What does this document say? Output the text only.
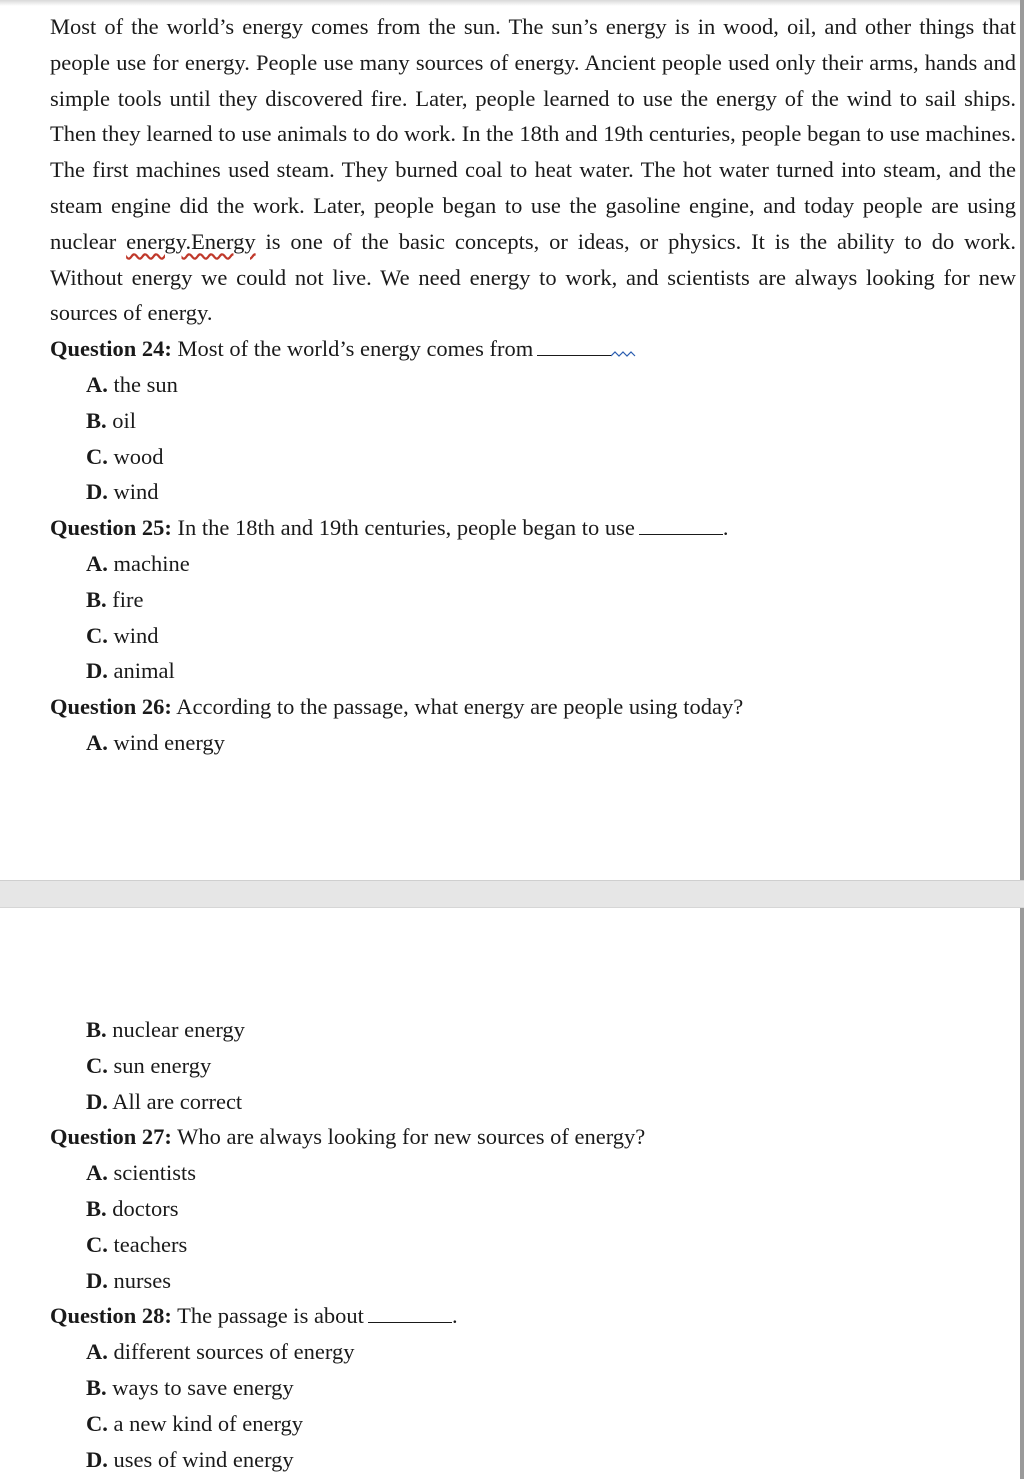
Most of the world’s energy comes from the sun. The sun’s energy is in wood, oil, and other things that people use for energy. People use many sources of energy. Ancient people used only their arms, hands and simple tools until they discovered fire. Later, people learned to use the energy of the wind to sail ships. Then they learned to use animals to do work. In the 18th and 19th centuries, people began to use machines. The first machines used steam. They burned coal to heat water. The hot water turned into steam, and the steam engine did the work. Later, people began to use the gasoline engine, and today people are using nuclear energy.Energy is one of the basic concepts, or ideas, or physics. It is the ability to do work. Without energy we could not live. We need energy to work, and scientists are always looking for new sources of energy.

Question 24: Most of the world’s energy comes from

A. the sun

B. oil

C. wood

D. wind

Question 25: In the 18th and 19th centuries, people began to use	.

A. machine

B. fire

C. wind

D. animal

Question 26: According to the passage, what energy are people using today?

A. wind energy

B. nuclear energy

C. sun energy

D. All are correct

Question 27: Who are always looking for new sources of energy?

A. scientists

B. doctors

C. teachers

D. nurses

Question 28: The passage is about	.

A. different sources of energy

B. ways to save energy

C. a new kind of energy

D. uses of wind energy
